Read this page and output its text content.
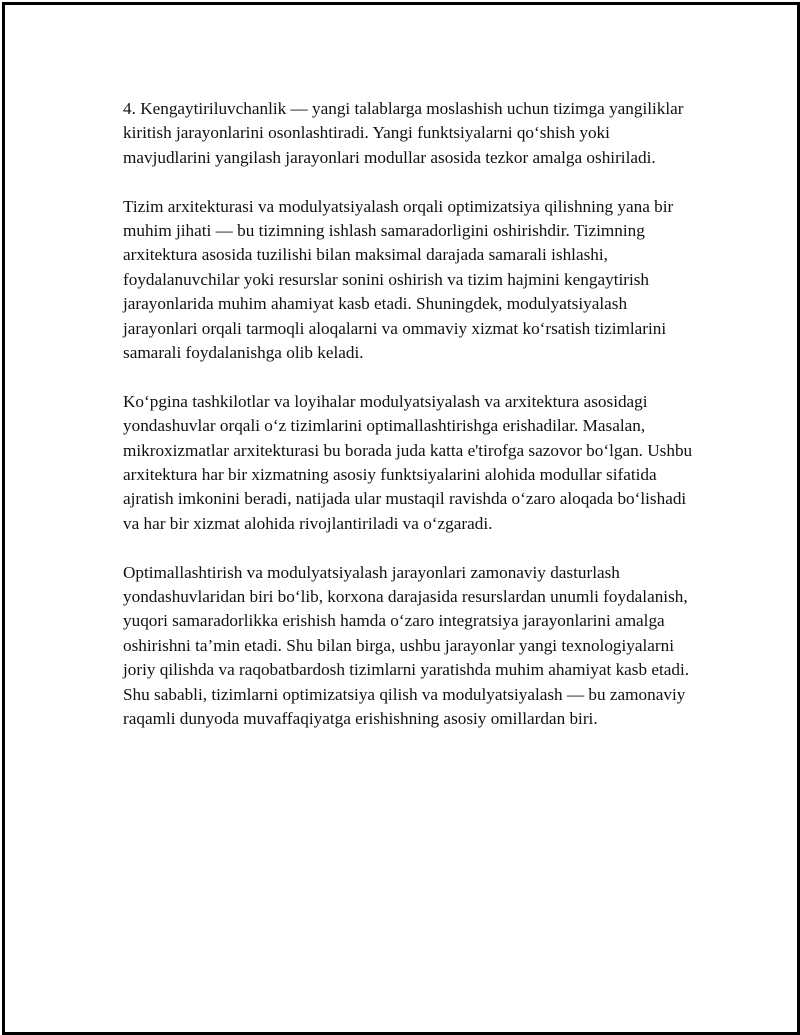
4. Kengaytiriluvchanlik — yangi talablarga moslashish uchun tizimga yangiliklar kiritish jarayonlarini osonlashtiradi. Yangi funktsiyalarni qo‘shish yoki mavjudlarini yangilash jarayonlari modullar asosida tezkor amalga oshiriladi.

Tizim arxitekturasi va modulyatsiyalash orqali optimizatsiya qilishning yana bir muhim jihati — bu tizimning ishlash samaradorligini oshirishdir. Tizimning arxitektura asosida tuzilishi bilan maksimal darajada samarali ishlashi, foydalanuvchilar yoki resurslar sonini oshirish va tizim hajmini kengaytirish jarayonlarida muhim ahamiyat kasb etadi. Shuningdek, modulyatsiyalash jarayonlari orqali tarmoqli aloqalarni va ommaviy xizmat ko‘rsatish tizimlarini samarali foydalanishga olib keladi.

Ko‘pgina tashkilotlar va loyihalar modulyatsiyalash va arxitektura asosidagi yondashuvlar orqali o‘z tizimlarini optimallashtirishga erishadilar. Masalan, mikroxizmatlar arxitekturasi bu borada juda katta e'tirofga sazovor bo‘lgan. Ushbu arxitektura har bir xizmatning asosiy funktsiyalarini alohida modullar sifatida ajratish imkonini beradi, natijada ular mustaqil ravishda o‘zaro aloqada bo‘lishadi va har bir xizmat alohida rivojlantiriladi va o‘zgaradi.

Optimallashtirish va modulyatsiyalash jarayonlari zamonaviy dasturlash yondashuvlaridan biri bo‘lib, korxona darajasida resurslardan unumli foydalanish, yuqori samaradorlikka erishish hamda o‘zaro integratsiya jarayonlarini amalga oshirishni ta’min etadi. Shu bilan birga, ushbu jarayonlar yangi texnologiyalarni joriy qilishda va raqobatbardosh tizimlarni yaratishda muhim ahamiyat kasb etadi. Shu sababli, tizimlarni optimizatsiya qilish va modulyatsiyalash — bu zamonaviy raqamli dunyoda muvaffaqiyatga erishishning asosiy omillardan biri.
